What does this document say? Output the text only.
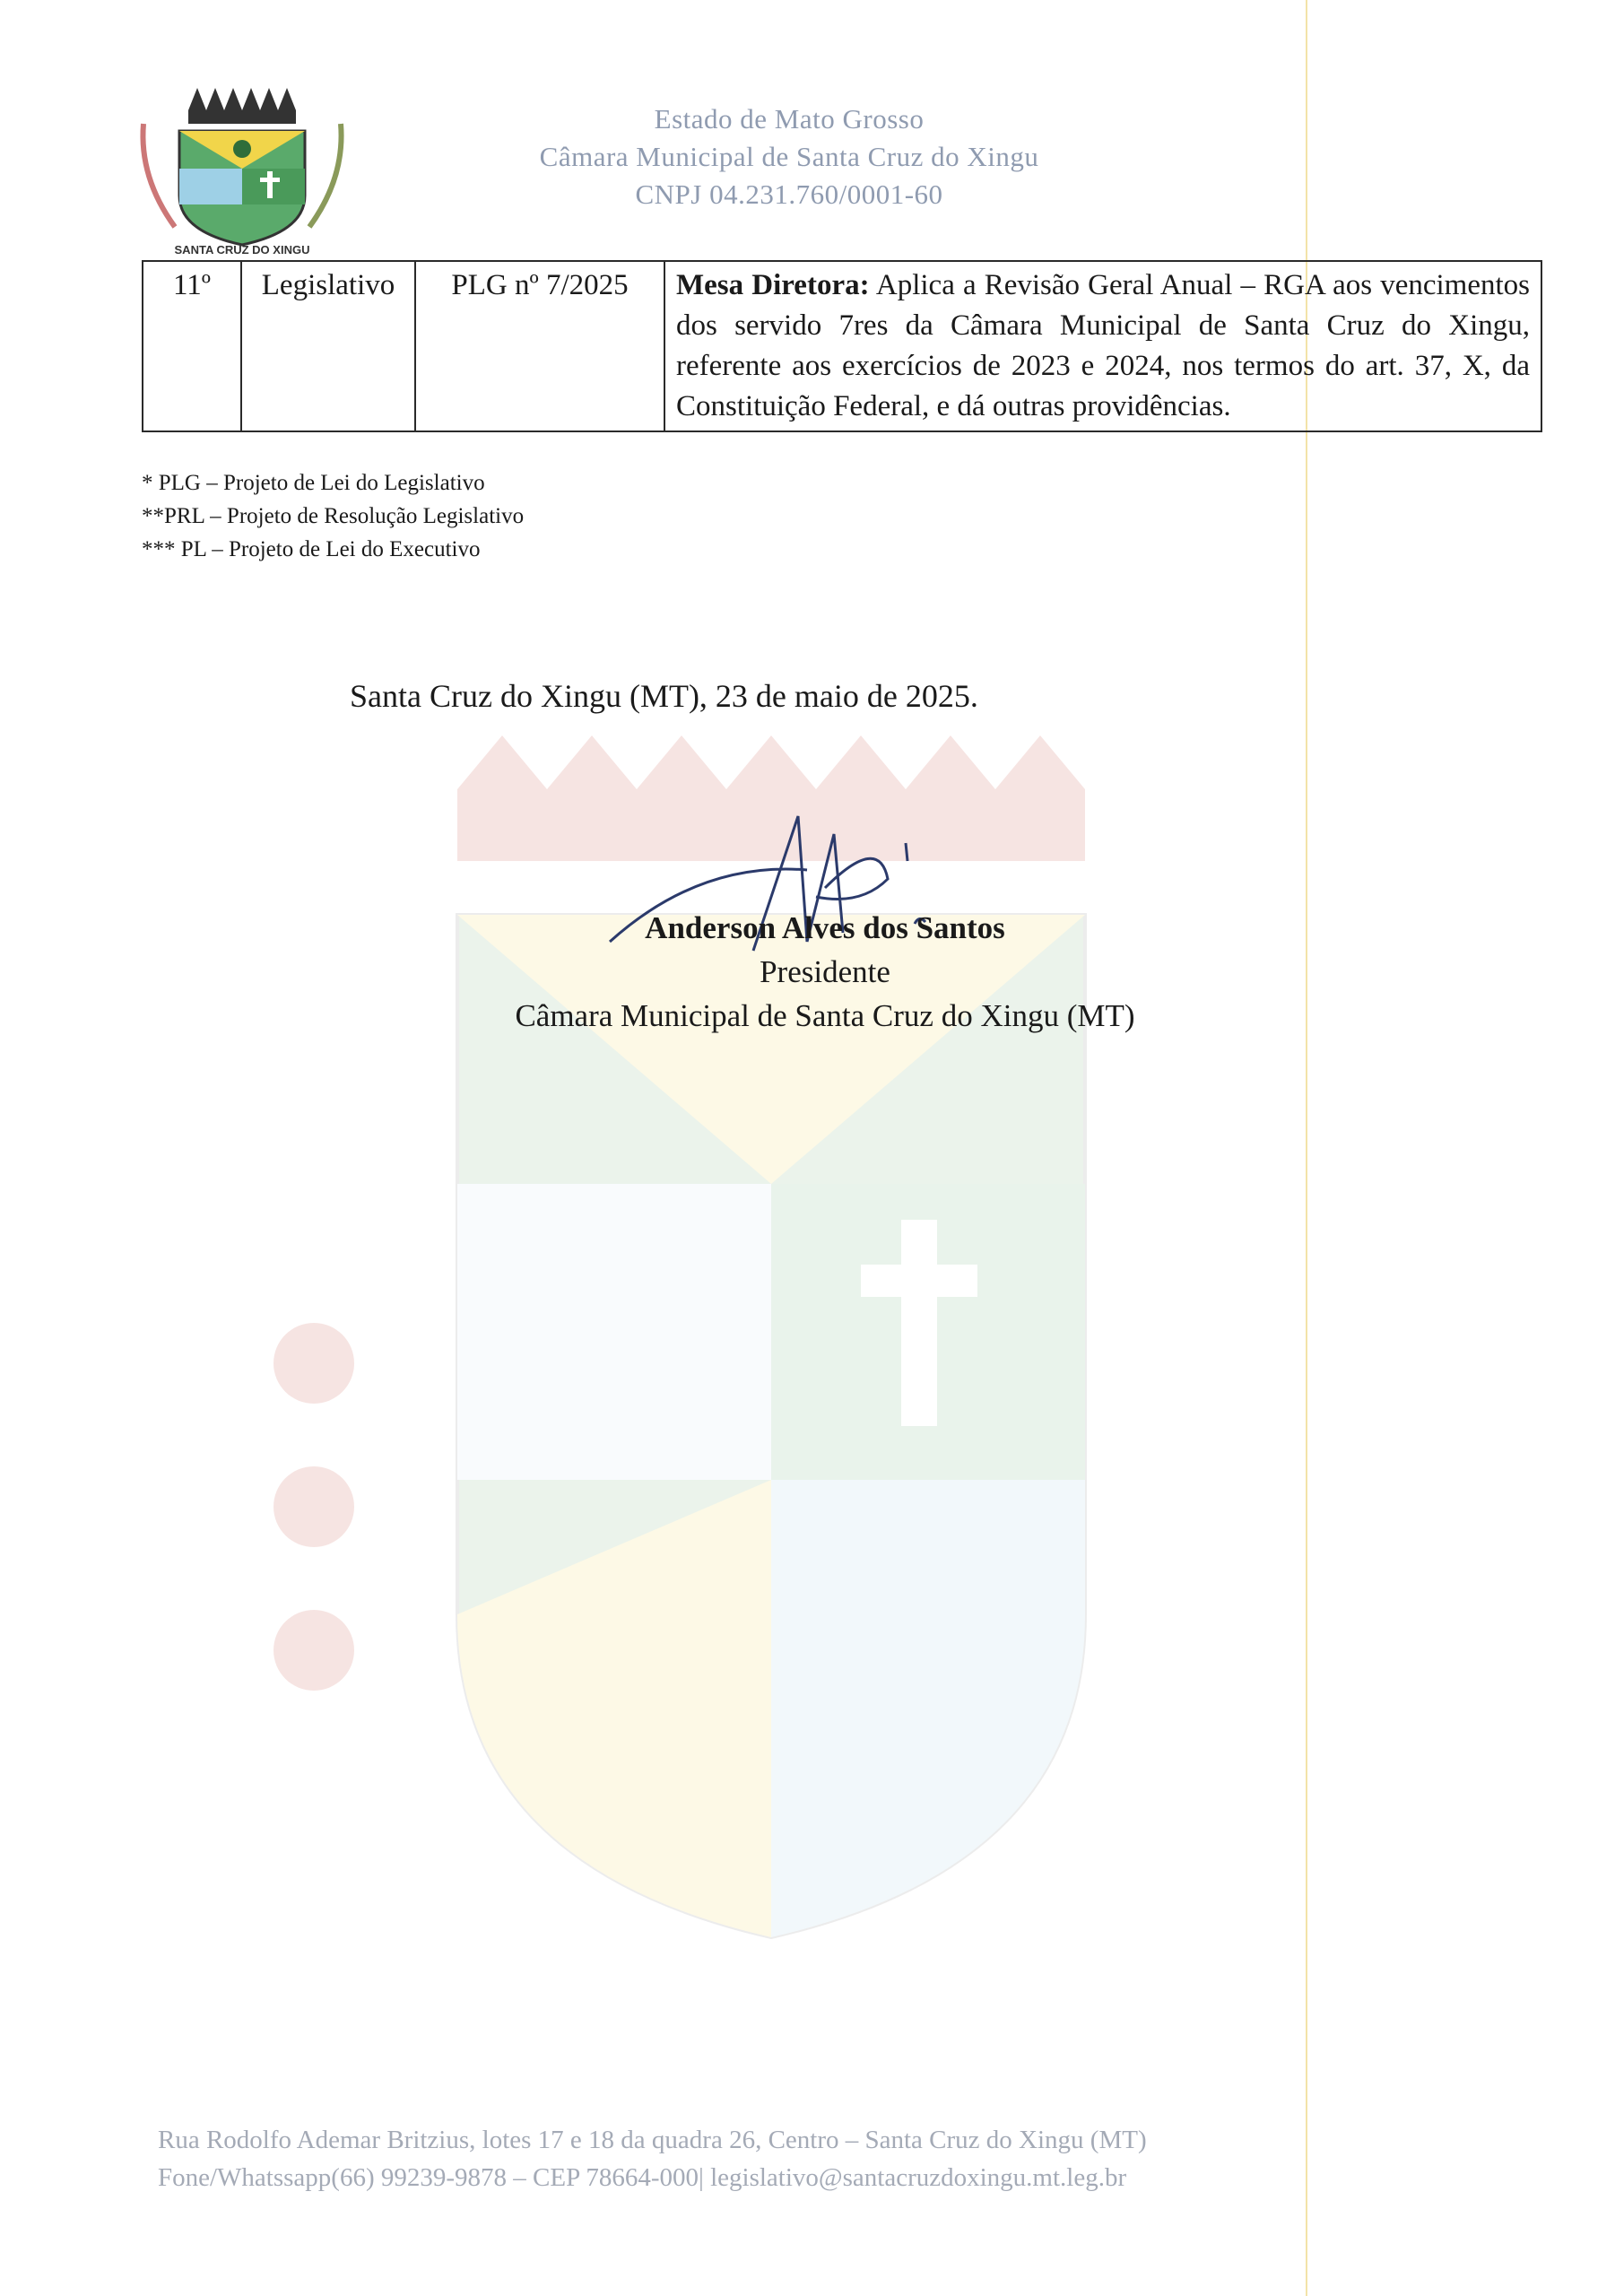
SANTA CRUZ DO XINGU
Estado de Mato Grosso
Câmara Municipal de Santa Cruz do Xingu
CNPJ 04.231.760/0001-60
11º	Legislativo	PLG nº 7/2025	Mesa Diretora: Aplica a Revisão Geral Anual – RGA aos vencimentos dos servido 7res da Câmara Municipal de Santa Cruz do Xingu, referente aos exercícios de 2023 e 2024, nos termos do art. 37, X, da Constituição Federal, e dá outras providências.
* PLG – Projeto de Lei do Legislativo
**PRL – Projeto de Resolução Legislativo
*** PL – Projeto de Lei do Executivo
Santa Cruz do Xingu (MT), 23 de maio de 2025.
Anderson Alves dos Santos
Presidente
Câmara Municipal de Santa Cruz do Xingu (MT)
Rua Rodolfo Ademar Britzius, lotes 17 e 18 da quadra 26, Centro – Santa Cruz do Xingu (MT)
Fone/Whatssapp(66) 99239-9878 – CEP 78664-000| legislativo@santacruzdoxingu.mt.leg.br
